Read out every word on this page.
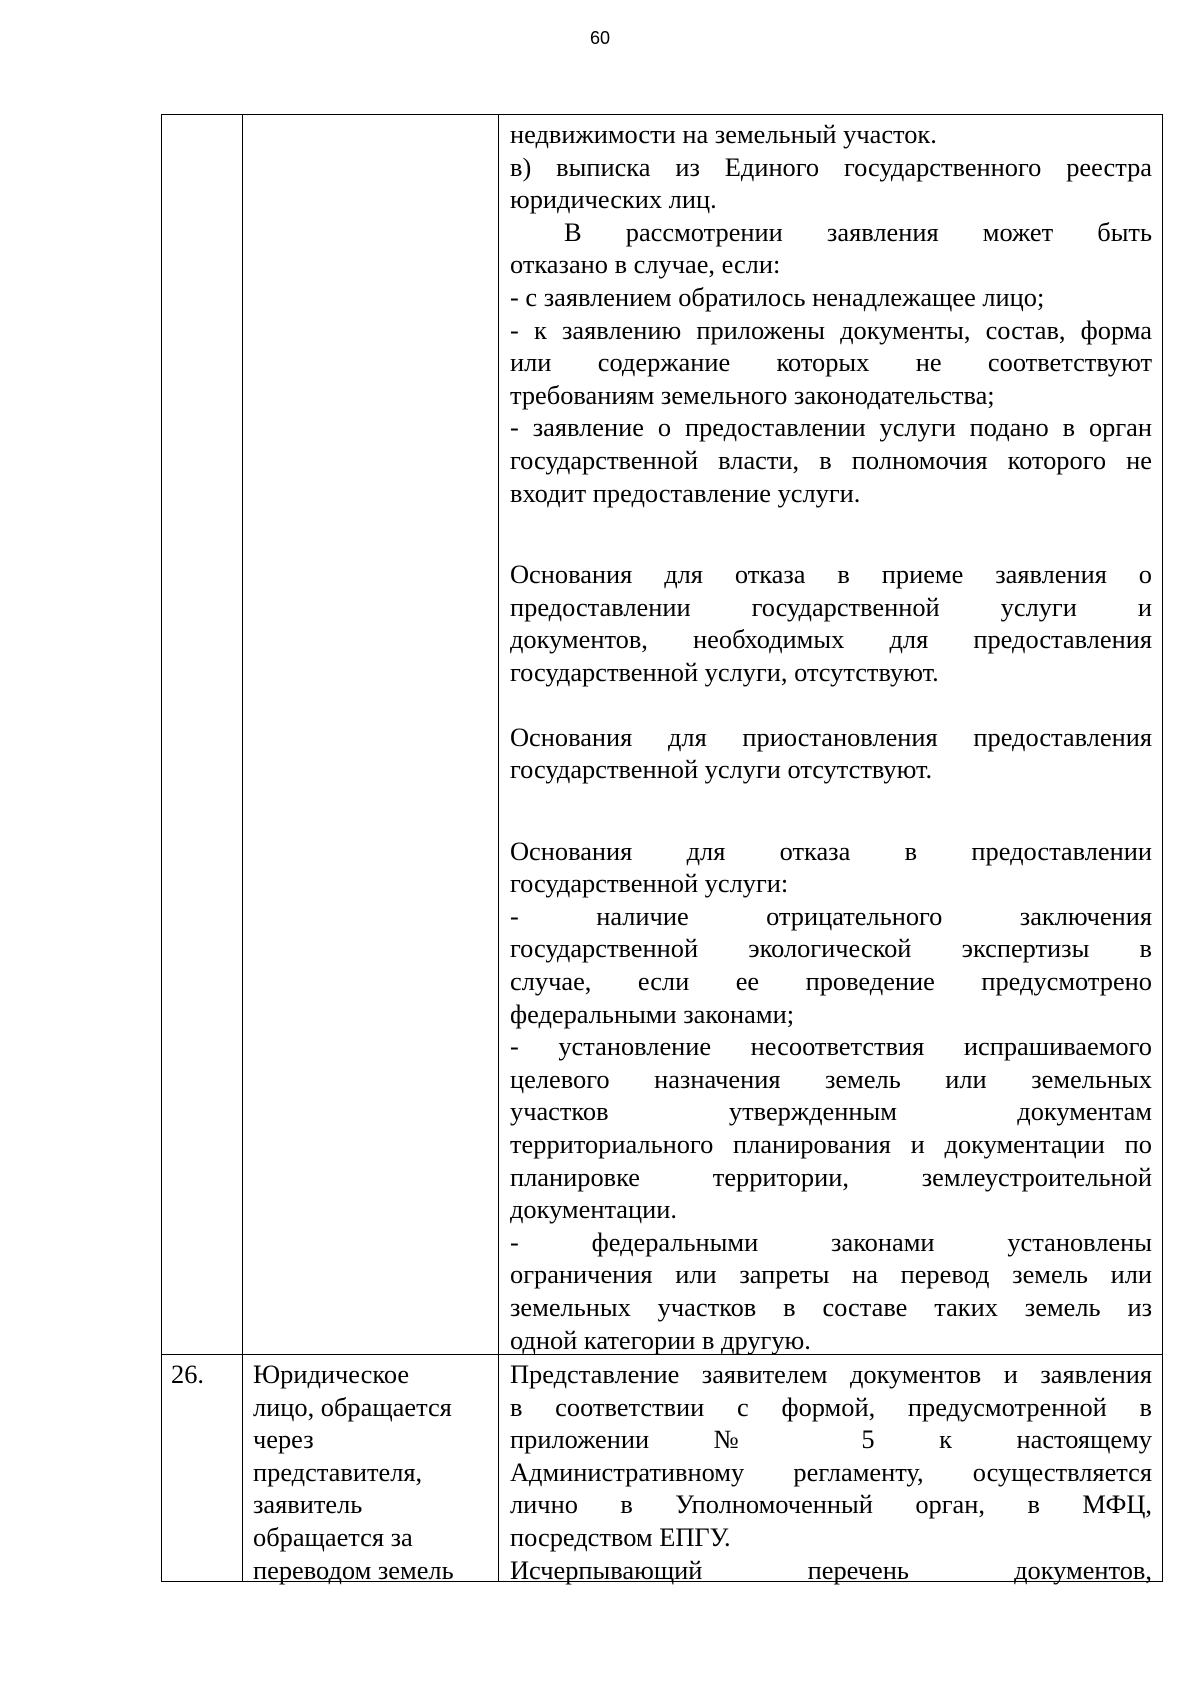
60
недвижимости на земельный участок.
в) выписка из Единого государственного реестра
юридических лиц.
В рассмотрении заявления может быть
отказано в случае, если:
- с заявлением обратилось ненадлежащее лицо;
- к заявлению приложены документы, состав, форма
или содержание которых не соответствуют
требованиям земельного законодательства;
- заявление о предоставлении услуги подано в орган
государственной власти, в полномочия которого не
входит предоставление услуги.
Основания для отказа в приеме заявления о
предоставлении государственной услуги и
документов, необходимых для предоставления
государственной услуги, отсутствуют.
Основания для приостановления предоставления
государственной услуги отсутствуют.
Основания для отказа в предоставлении
государственной услуги:
- наличие отрицательного заключения
государственной экологической экспертизы в
случае, если ее проведение предусмотрено
федеральными законами;
- установление несоответствия испрашиваемого
целевого назначения земель или земельных
участков утвержденным документам
территориального планирования и документации по
планировке территории, землеустроительной
документации.
- федеральными законами установлены
ограничения или запреты на перевод земель или
земельных участков в составе таких земель из
одной категории в другую.
26.	Юридическое
лицо, обращается
через
представителя,
заявитель
обращается за
переводом земель
Представление заявителем документов и заявления
в соответствии с формой, предусмотренной в
приложении № 5 к настоящему
Административному регламенту, осуществляется
лично в Уполномоченный орган, в МФЦ,
посредством ЕПГУ.
Исчерпывающий перечень документов,
